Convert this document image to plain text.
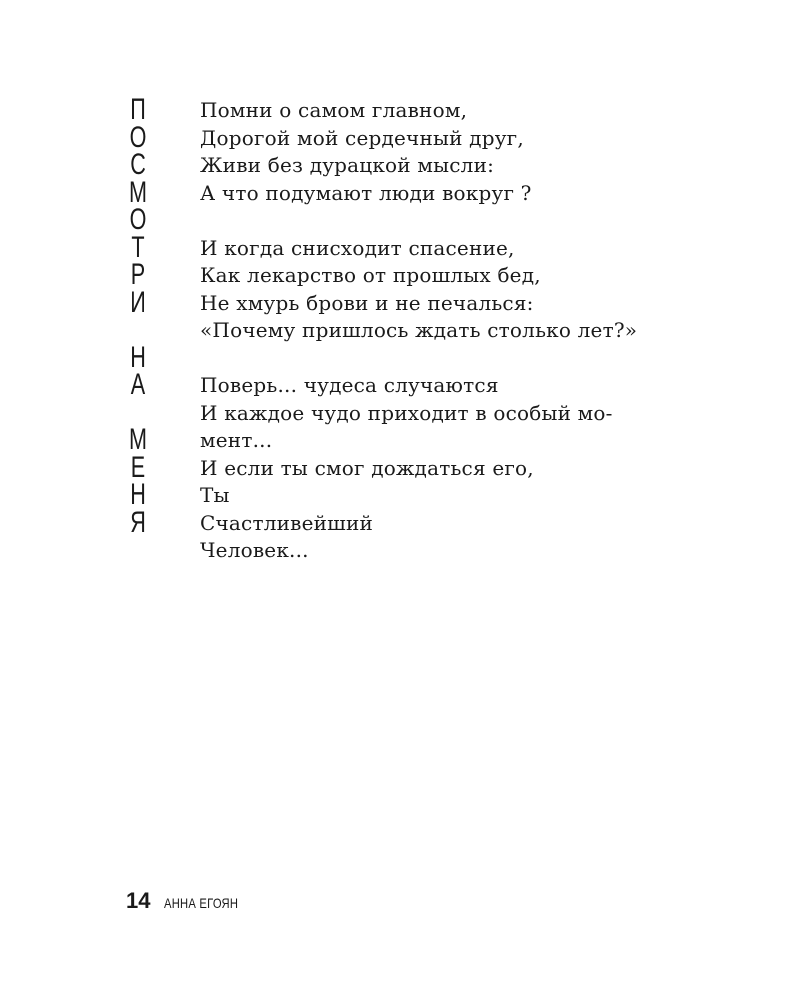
П
О
С
М
О
Т
Р
И
Н
А
М
Е
Н
Я

Помни о самом главном,
Дорогой мой сердечный друг,
Живи без дурацкой мысли:
А что подумают люди вокруг ?

И когда снисходит спасение,
Как лекарство от прошлых бед,
Не хмурь брови и не печалься:
«Почему пришлось ждать столько лет?»

Поверь... чудеса случаются
И каждое чудо приходит в особый мо-
мент...
И если ты смог дождаться его,
Ты
Счастливейший
Человек...

14 АННА ЕГОЯН
